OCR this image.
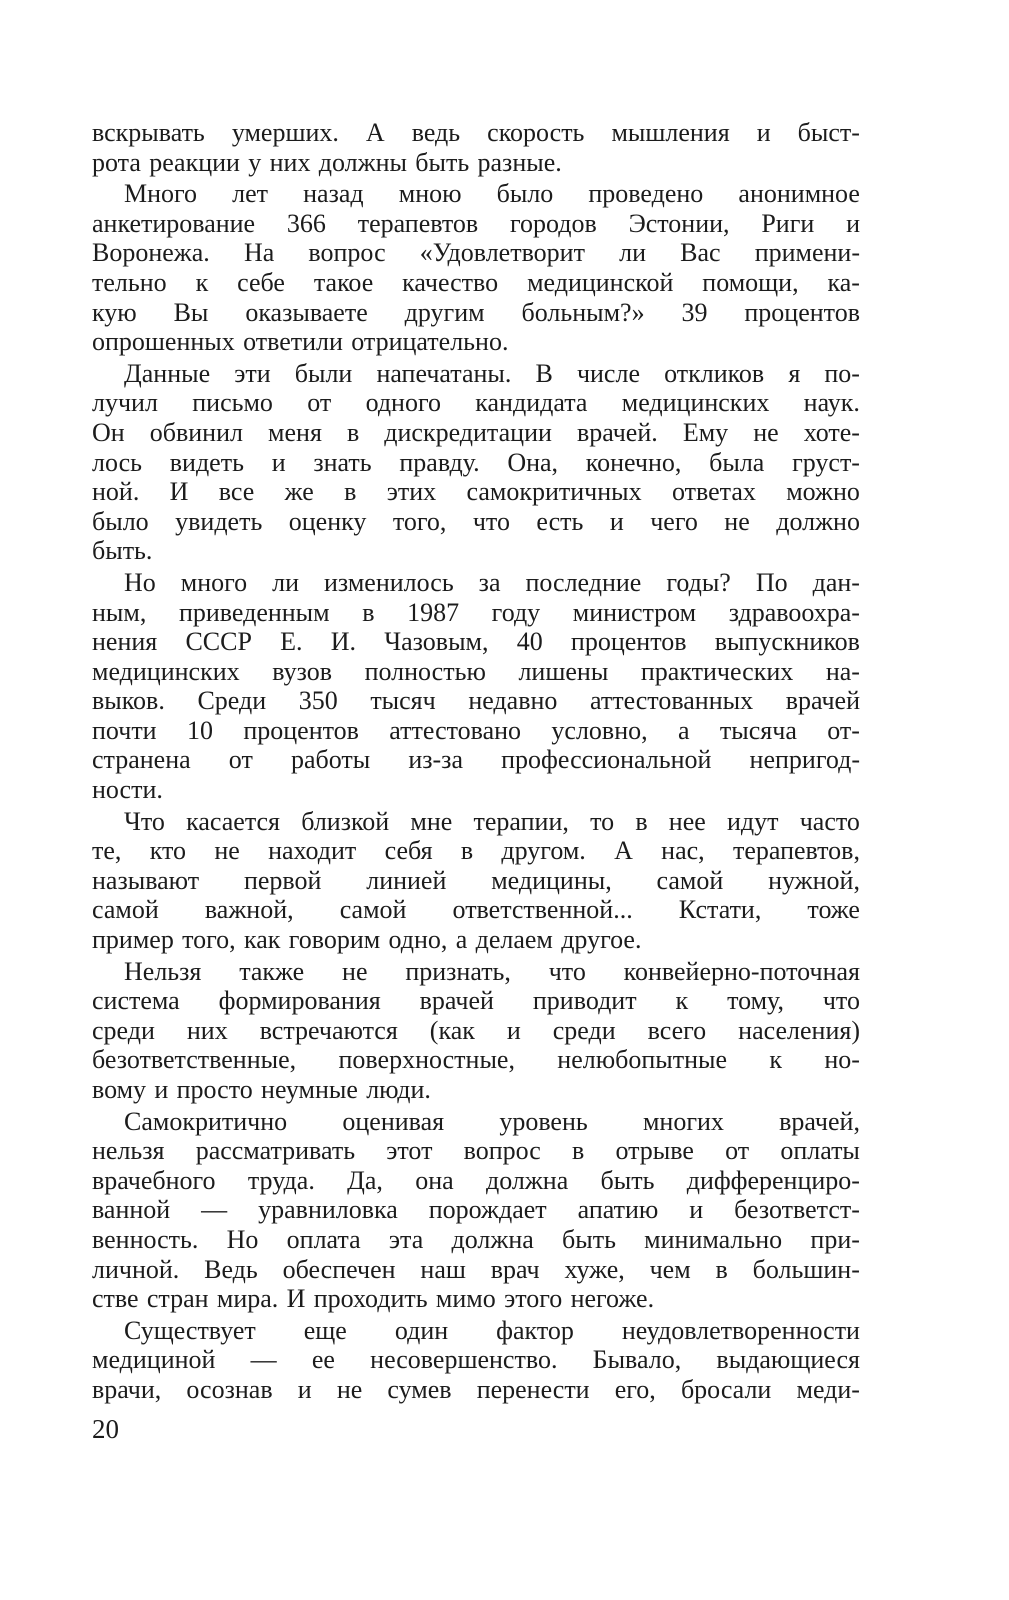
вскрывать умерших. А ведь скорость мышления и быст-
рота реакции у них должны быть разные.
Много лет назад мною было проведено анонимное
анкетирование 366 терапевтов городов Эстонии, Риги и
Воронежа. На вопрос «Удовлетворит ли Вас примени-
тельно к себе такое качество медицинской помощи, ка-
кую Вы оказываете другим больным?» 39 процентов
опрошенных ответили отрицательно.
Данные эти были напечатаны. В числе откликов я по-
лучил письмо от одного кандидата медицинских наук.
Он обвинил меня в дискредитации врачей. Ему не хоте-
лось видеть и знать правду. Она, конечно, была груст-
ной. И все же в этих самокритичных ответах можно
было увидеть оценку того, что есть и чего не должно
быть.
Но много ли изменилось за последние годы? По дан-
ным, приведенным в 1987 году министром здравоохра-
нения СССР Е. И. Чазовым, 40 процентов выпускников
медицинских вузов полностью лишены практических на-
выков. Среди 350 тысяч недавно аттестованных врачей
почти 10 процентов аттестовано условно, а тысяча от-
странена от работы из-за профессиональной непригод-
ности.
Что касается близкой мне терапии, то в нее идут часто
те, кто не находит себя в другом. А нас, терапевтов,
называют первой линией медицины, самой нужной,
самой важной, самой ответственной... Кстати, тоже
пример того, как говорим одно, а делаем другое.
Нельзя также не признать, что конвейерно-поточная
система формирования врачей приводит к тому, что
среди них встречаются (как и среди всего населения)
безответственные, поверхностные, нелюбопытные к но-
вому и просто неумные люди.
Самокритично оценивая уровень многих врачей,
нельзя рассматривать этот вопрос в отрыве от оплаты
врачебного труда. Да, она должна быть дифференциро-
ванной — уравниловка порождает апатию и безответст-
венность. Но оплата эта должна быть минимально при-
личной. Ведь обеспечен наш врач хуже, чем в большин-
стве стран мира. И проходить мимо этого негоже.
Существует еще один фактор неудовлетворенности
медициной — ее несовершенство. Бывало, выдающиеся
врачи, осознав и не сумев перенести его, бросали меди-
20
